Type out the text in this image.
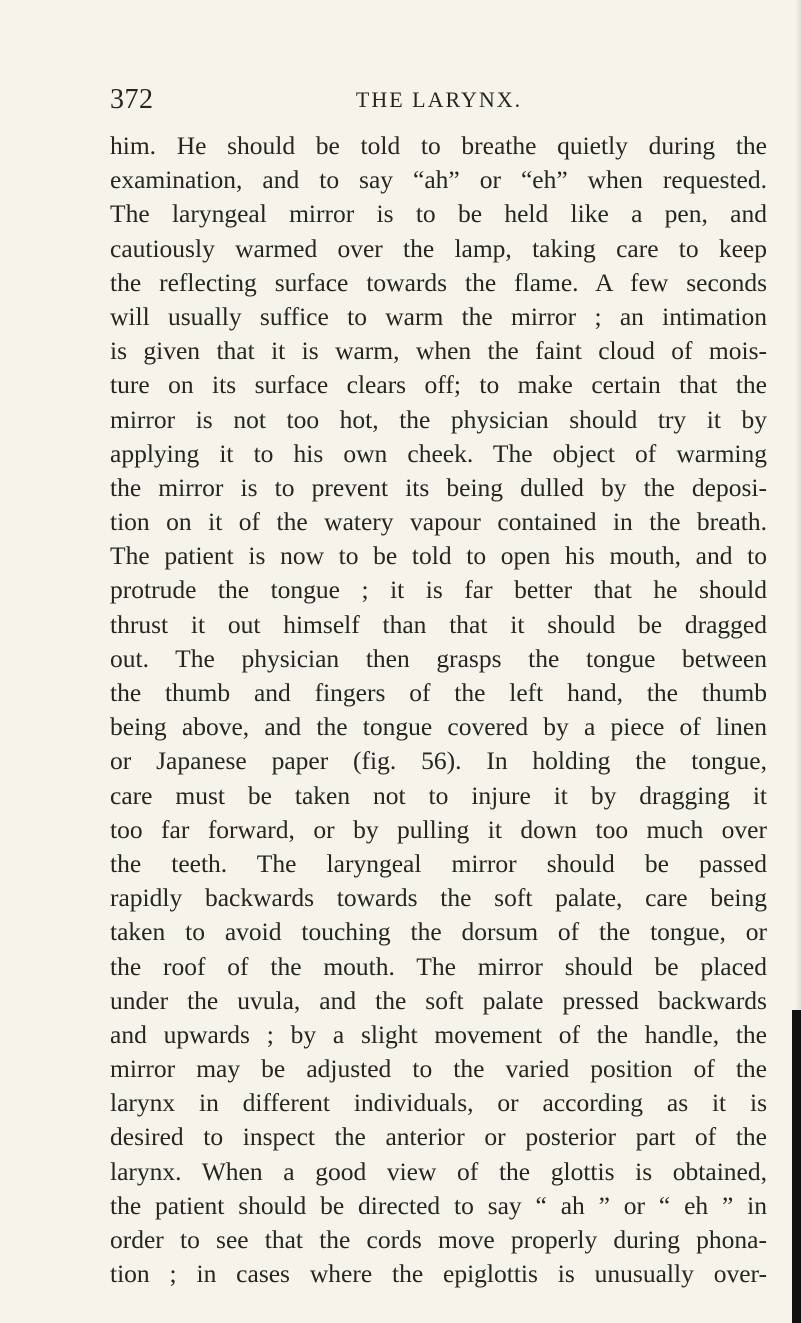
372	THE LARYNX.
him. He should be told to breathe quietly during the
examination, and to say “ah” or “eh” when requested.
The laryngeal mirror is to be held like a pen, and
cautiously warmed over the lamp, taking care to keep
the reflecting surface towards the flame. A few seconds
will usually suffice to warm the mirror ; an intimation
is given that it is warm, when the faint cloud of mois-
ture on its surface clears off; to make certain that the
mirror is not too hot, the physician should try it by
applying it to his own cheek. The object of warming
the mirror is to prevent its being dulled by the deposi-
tion on it of the watery vapour contained in the breath.
The patient is now to be told to open his mouth, and to
protrude the tongue ; it is far better that he should
thrust it out himself than that it should be dragged
out. The physician then grasps the tongue between
the thumb and fingers of the left hand, the thumb
being above, and the tongue covered by a piece of linen
or Japanese paper (fig. 56). In holding the tongue,
care must be taken not to injure it by dragging it
too far forward, or by pulling it down too much over
the teeth. The laryngeal mirror should be passed
rapidly backwards towards the soft palate, care being
taken to avoid touching the dorsum of the tongue, or
the roof of the mouth. The mirror should be placed
under the uvula, and the soft palate pressed backwards
and upwards ; by a slight movement of the handle, the
mirror may be adjusted to the varied position of the
larynx in different individuals, or according as it is
desired to inspect the anterior or posterior part of the
larynx. When a good view of the glottis is obtained,
the patient should be directed to say “ ah ” or “ eh ” in
order to see that the cords move properly during phona-
tion ; in cases where the epiglottis is unusually over-
